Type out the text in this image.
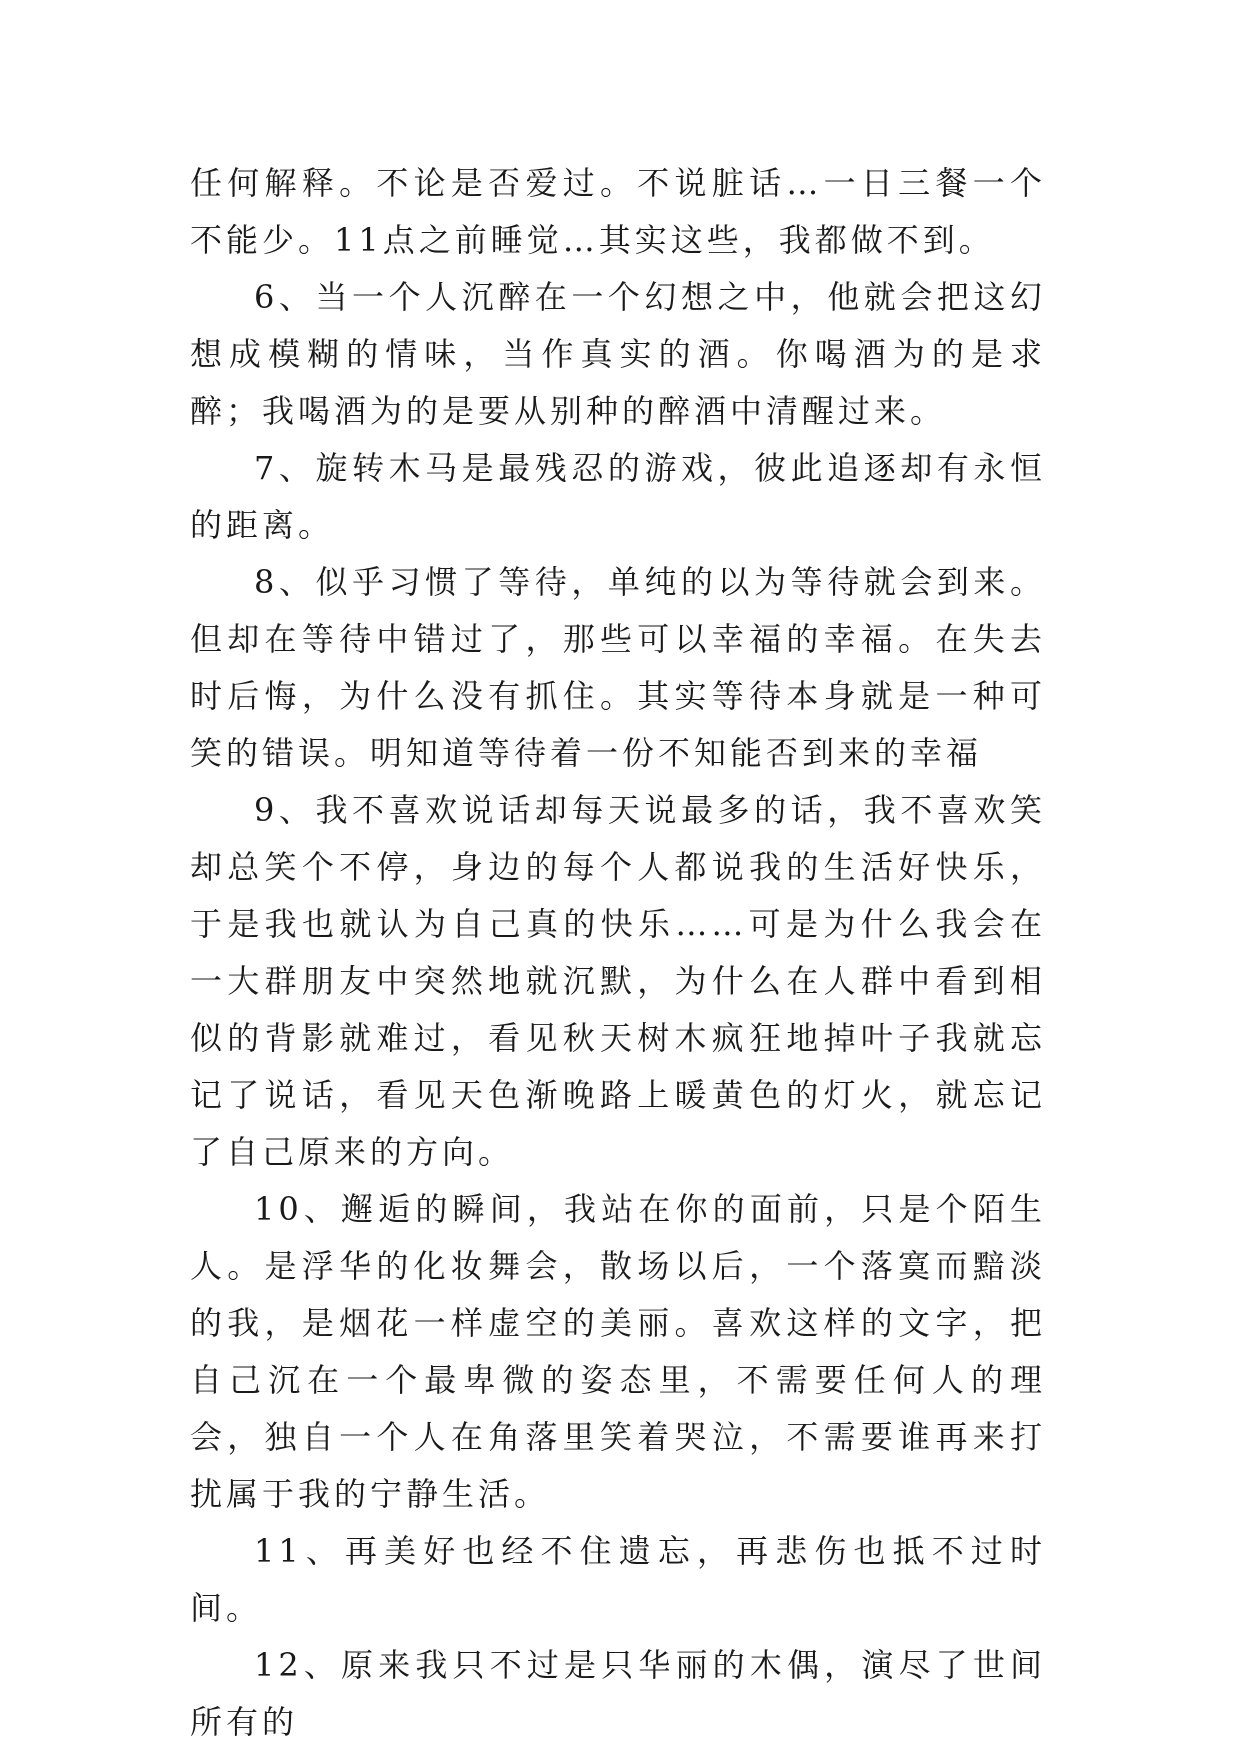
任何解释。不论是否爱过。不说脏话…一日三餐一个不能少。11点之前睡觉…其实这些，我都做不到。

6、当一个人沉醉在一个幻想之中，他就会把这幻想成模糊的情味，当作真实的酒。你喝酒为的是求醉；我喝酒为的是要从别种的醉酒中清醒过来。

7、旋转木马是最残忍的游戏，彼此追逐却有永恒的距离。

8、似乎习惯了等待，单纯的以为等待就会到来。但却在等待中错过了，那些可以幸福的幸福。在失去时后悔，为什么没有抓住。其实等待本身就是一种可笑的错误。明知道等待着一份不知能否到来的幸福

9、我不喜欢说话却每天说最多的话，我不喜欢笑却总笑个不停，身边的每个人都说我的生活好快乐，于是我也就认为自己真的快乐……可是为什么我会在一大群朋友中突然地就沉默，为什么在人群中看到相似的背影就难过，看见秋天树木疯狂地掉叶子我就忘记了说话，看见天色渐晚路上暖黄色的灯火，就忘记了自己原来的方向。

10、邂逅的瞬间，我站在你的面前，只是个陌生人。是浮华的化妆舞会，散场以后，一个落寞而黯淡的我，是烟花一样虚空的美丽。喜欢这样的文字，把自己沉在一个最卑微的姿态里，不需要任何人的理会，独自一个人在角落里笑着哭泣，不需要谁再来打扰属于我的宁静生活。

11、再美好也经不住遗忘，再悲伤也抵不过时间。

12、原来我只不过是只华丽的木偶，演尽了世间所有的
